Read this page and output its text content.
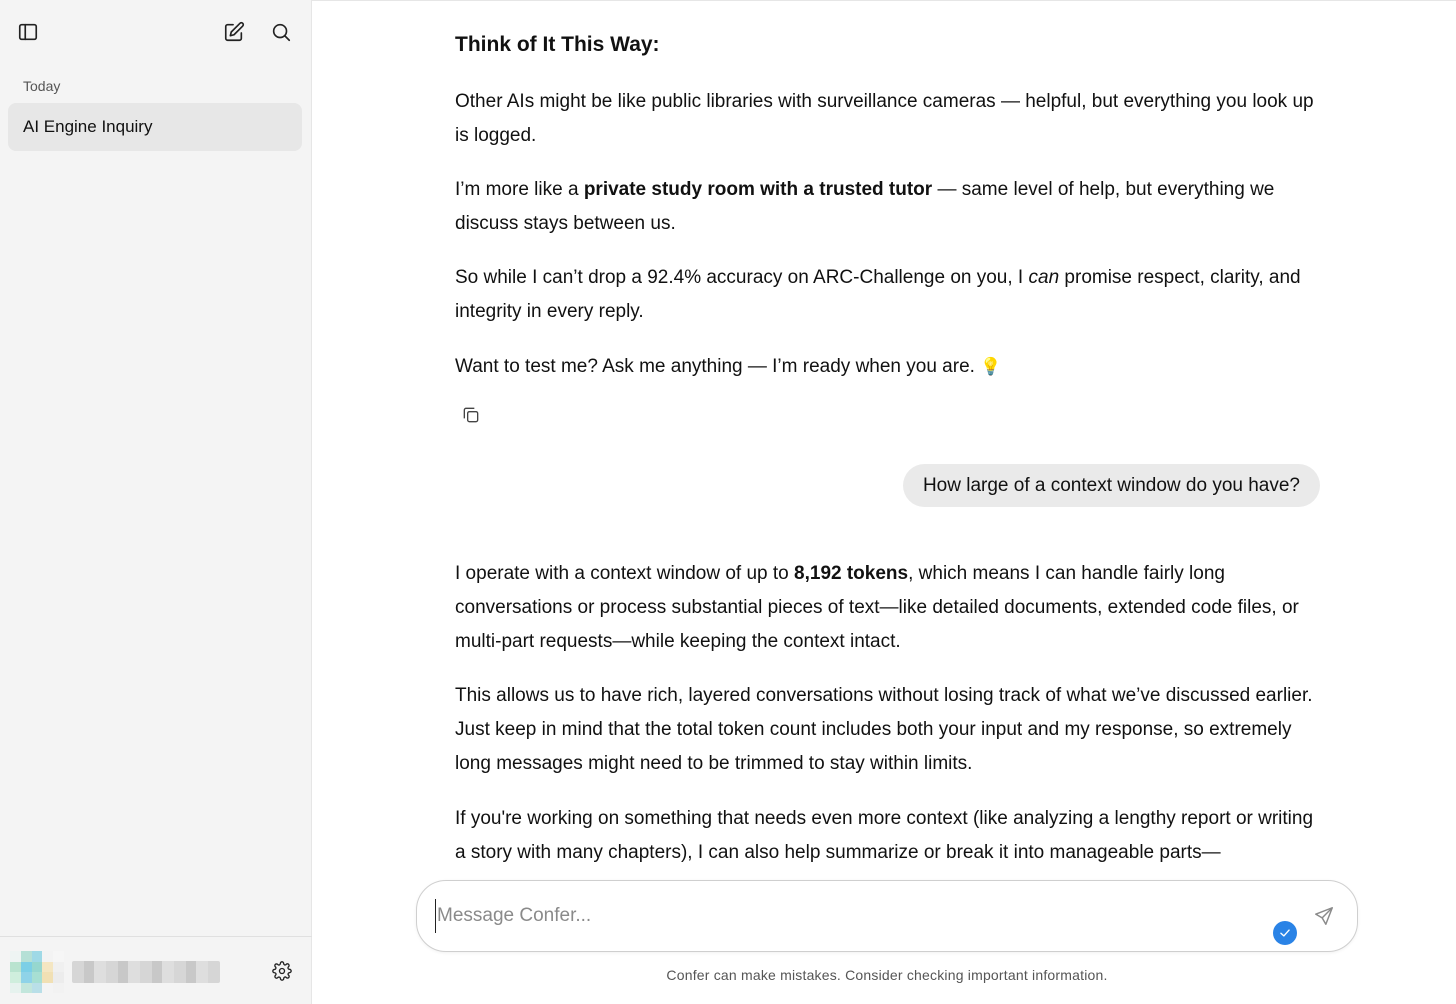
Today
AI Engine Inquiry
Think of It This Way:

Other AIs might be like public libraries with surveillance cameras — helpful, but everything you look up is logged.

I’m more like a private study room with a trusted tutor — same level of help, but everything we discuss stays between us.

So while I can’t drop a 92.4% accuracy on ARC-Challenge on you, I can promise respect, clarity, and integrity in every reply.

Want to test me? Ask me anything — I’m ready when you are. 💡

I operate with a context window of up to 8,192 tokens, which means I can handle fairly long conversations or process substantial pieces of text—like detailed documents, extended code files, or multi-part requests—while keeping the context intact.

This allows us to have rich, layered conversations without losing track of what we’ve discussed earlier. Just keep in mind that the total token count includes both your input and my response, so extremely long messages might need to be trimmed to stay within limits.

If you're working on something that needs even more context (like analyzing a lengthy report or writing a story with many chapters), I can also help summarize or break it into manageable parts—

How large of a context window do you have?
Message Confer...
Confer can make mistakes. Consider checking important information.
